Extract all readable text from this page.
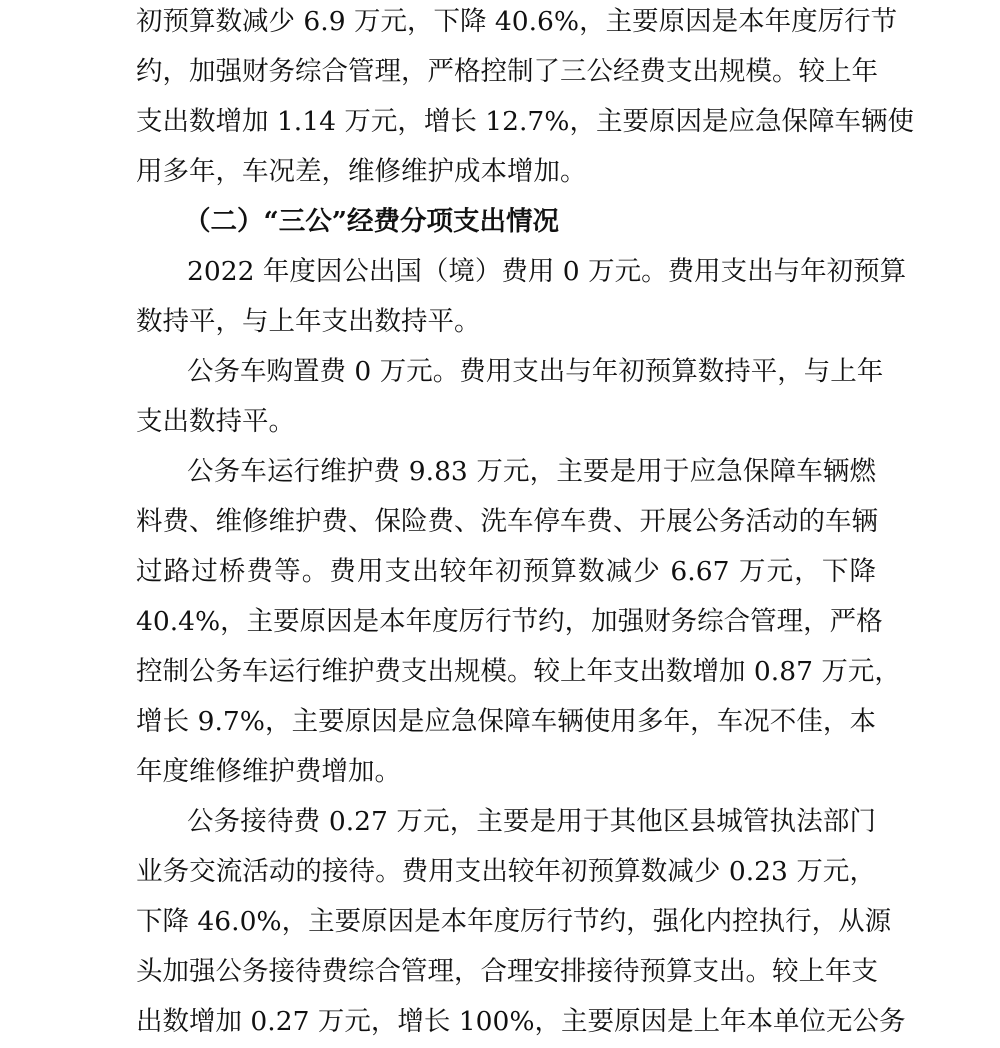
初预算数减少 6.9 万元，下降 40.6%，主要原因是本年度厉行节
约，加强财务综合管理，严格控制了三公经费支出规模。较上年
支出数增加 1.14 万元，增长 12.7%，主要原因是应急保障车辆使
用多年，车况差，维修维护成本增加。
（二）“三公”经费分项支出情况
2022 年度因公出国（境）费用 0 万元。费用支出与年初预算
数持平，与上年支出数持平。
公务车购置费 0 万元。费用支出与年初预算数持平，与上年
支出数持平。
公务车运行维护费 9.83 万元，主要是用于应急保障车辆燃
料费、维修维护费、保险费、洗车停车费、开展公务活动的车辆
过路过桥费等。费用支出较年初预算数减少 6.67 万元，下降
40.4%，主要原因是本年度厉行节约，加强财务综合管理，严格
控制公务车运行维护费支出规模。较上年支出数增加 0.87 万元，
增长 9.7%，主要原因是应急保障车辆使用多年，车况不佳，本
年度维修维护费增加。
公务接待费 0.27 万元，主要是用于其他区县城管执法部门
业务交流活动的接待。费用支出较年初预算数减少 0.23 万元，
下降 46.0%，主要原因是本年度厉行节约，强化内控执行，从源
头加强公务接待费综合管理，合理安排接待预算支出。较上年支
出数增加 0.27 万元，增长 100%，主要原因是上年本单位无公务
